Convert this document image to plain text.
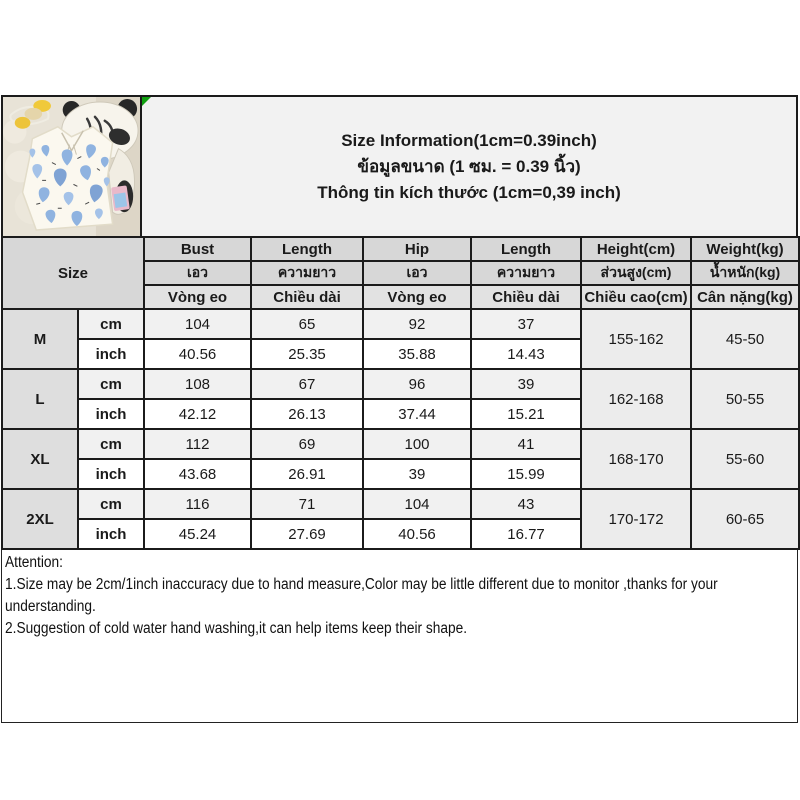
Size Information(1cm=0.39inch)
ข้อมูลขนาด (1 ซม. = 0.39 นิ้ว)
Thông tin kích thước (1cm=0,39 inch)
Size		Bust	Length	Hip	Length	Height(cm)	Weight(kg)
		เอว	ความยาว	เอว	ความยาว	ส่วนสูง(cm)	น้ำหนัก(kg)
		Vòng eo	Chiều dài	Vòng eo	Chiều dài	Chiều cao(cm)	Cân nặng(kg)
M	cm	104	65	92	37	155-162	45-50
	inch	40.56	25.35	35.88	14.43		
L	cm	108	67	96	39	162-168	50-55
	inch	42.12	26.13	37.44	15.21		
XL	cm	112	69	100	41	168-170	55-60
	inch	43.68	26.91	39	15.99		
2XL	cm	116	71	104	43	170-172	60-65
	inch	45.24	27.69	40.56	16.77		
Attention:
1.Size may be 2cm/1inch inaccuracy due to hand measure,Color may be little different due to monitor ,thanks for your understanding.
2.Suggestion of cold water hand washing,it can help items keep their shape.
